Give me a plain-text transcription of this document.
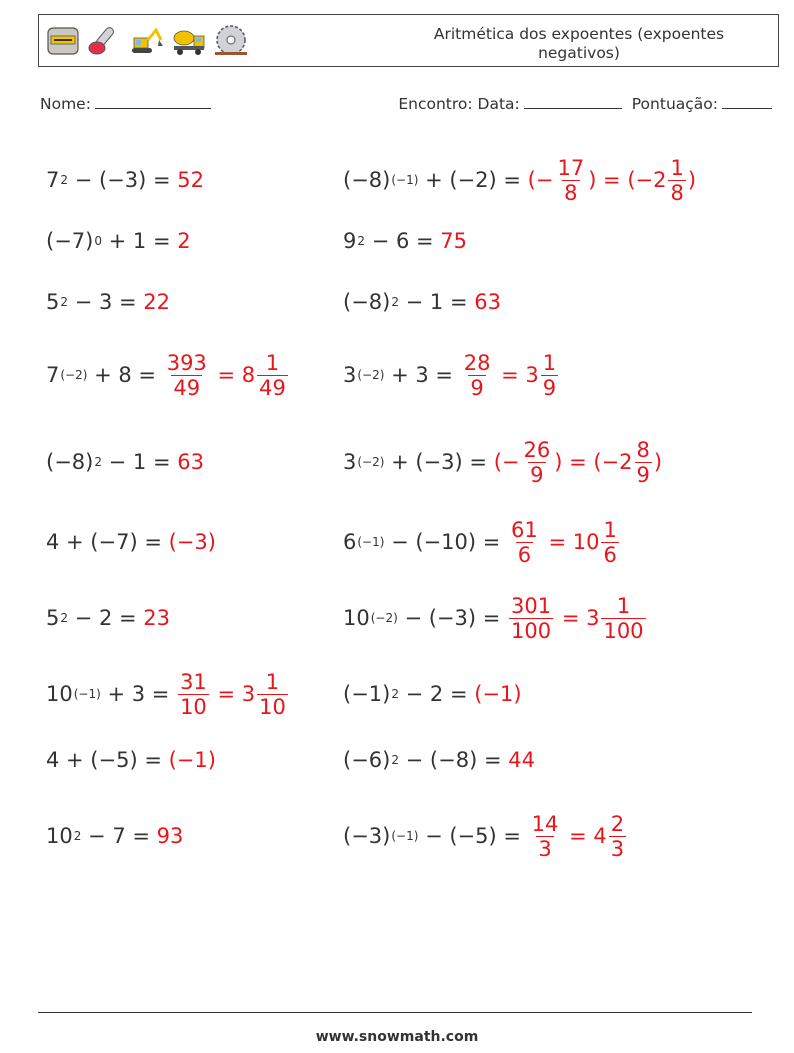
Aritmética dos expoentes (expoentes negativos)
Nome:	Encontro: Data:	Pontuação:
7 2 − (−3) = 52	(−8) (−1) + (−2) = (− $\frac{17}{8}$ ) = ($-2 \frac{1}{8}$ )
(−7) 0 + 1 = 2	9 2 − 6 = 75
5 2 − 3 = 22	(−8) 2 − 1 = 63
7 $(-2) + 8 = \frac{393}{49} = 8 \frac{1}{49}$	3 $(-2) + 3 = \frac{28}{9} = 3 \frac{1}{9}$
(−8) 2 − 1 = 63	3 (−2) + (−3) = (− $\frac{26}{9}$ ) = ($-2 \frac{8}{9}$ )
4 + (−7) = (−3)	6 $(-1) - (-10) = \frac{61}{6} = 10 \frac{1}{6}$
5 2 − 2 = 23	10 $(-2) - (-3) = \frac{301}{100} = 3 \frac{1}{100}$
10 $(-1) + 3 = \frac{31}{10} = 3 \frac{1}{10}$	(−1) 2 − 2 = (−1)
4 + (−5) = (−1)	(−6) 2 − (−8) = 44
10 2 − 7 = 93	(−3) $(-1) - (-5) = \frac{14}{3} = 4 \frac{2}{3}$
www.snowmath.com
